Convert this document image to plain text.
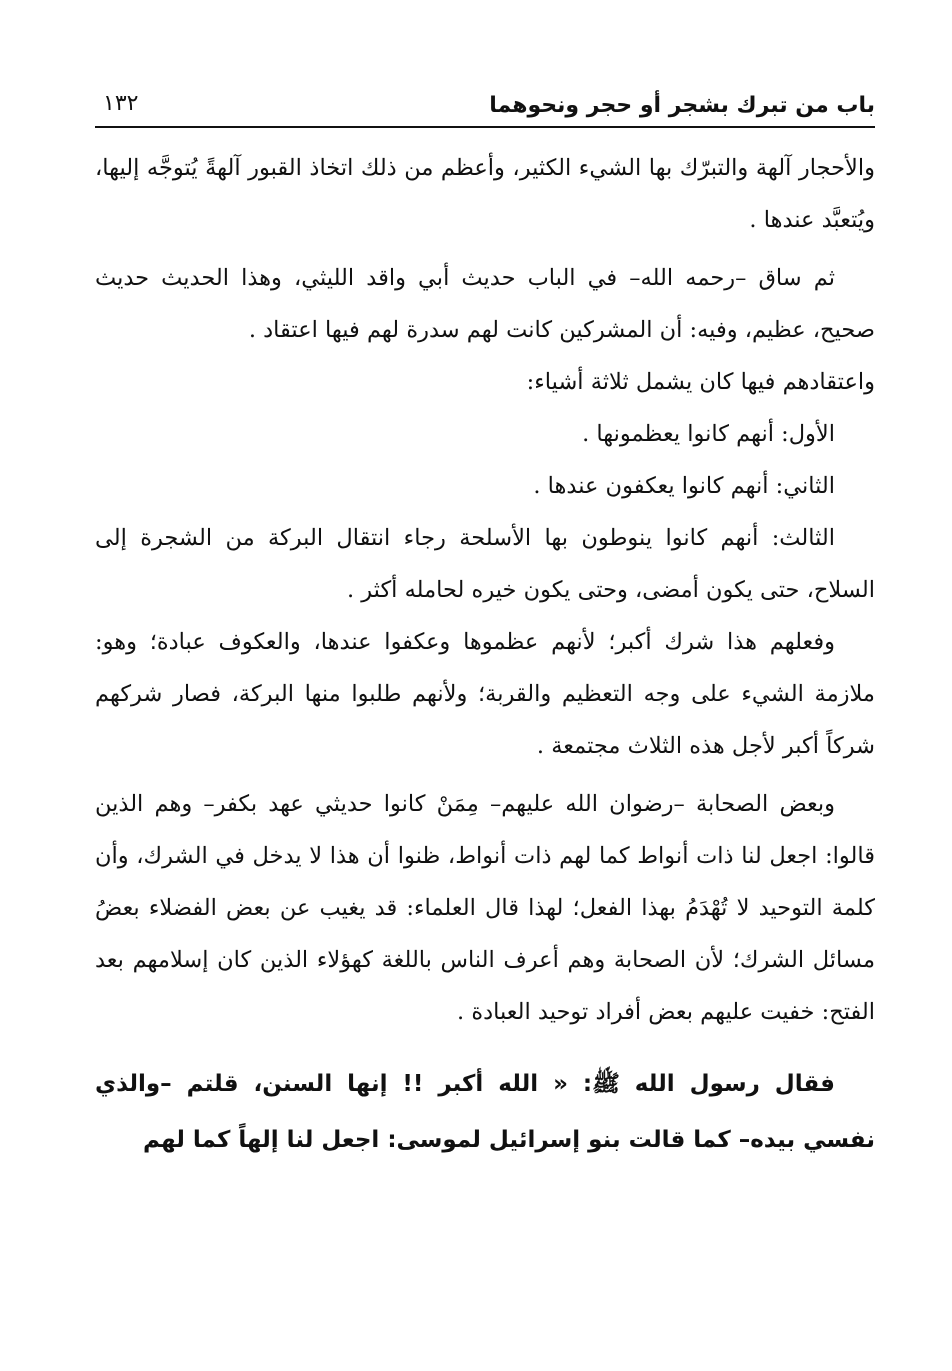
باب من تبرك بشجر أو حجر ونحوهما
١٣٢

والأحجار آلهة والتبرّك بها الشيء الكثير، وأعظم من ذلك اتخاذ القبور آلهةً يُتوجَّه إليها، ويُتعبَّد عندها .

ثم ساق –رحمه الله– في الباب حديث أبي واقد الليثي، وهذا الحديث حديث صحيح، عظيم، وفيه: أن المشركين كانت لهم سدرة لهم فيها اعتقاد .

واعتقادهم فيها كان يشمل ثلاثة أشياء:

الأول: أنهم كانوا يعظمونها .

الثاني: أنهم كانوا يعكفون عندها .

الثالث: أنهم كانوا ينوطون بها الأسلحة رجاء انتقال البركة من الشجرة إلى السلاح، حتى يكون أمضى، وحتى يكون خيره لحامله أكثر .

وفعلهم هذا شرك أكبر؛ لأنهم عظموها وعكفوا عندها، والعكوف عبادة؛ وهو: ملازمة الشيء على وجه التعظيم والقربة؛ ولأنهم طلبوا منها البركة، فصار شركهم شركاً أكبر لأجل هذه الثلاث مجتمعة .

وبعض الصحابة –رضوان الله عليهم– مِمَنْ كانوا حديثي عهد بكفر– وهم الذين قالوا: اجعل لنا ذات أنواط كما لهم ذات أنواط، ظنوا أن هذا لا يدخل في الشرك، وأن كلمة التوحيد لا تُهْدَمُ بهذا الفعل؛ لهذا قال العلماء: قد يغيب عن بعض الفضلاء بعضُ مسائل الشرك؛ لأن الصحابة وهم أعرف الناس باللغة كهؤلاء الذين كان إسلامهم بعد الفتح: خفيت عليهم بعض أفراد توحيد العبادة .

فقال رسول الله ﷺ: « الله أكبر !! إنها السنن، قلتم –والذي نفسي بيده– كما قالت بنو إسرائيل لموسى: اجعل لنا إلهاً كما لهم
